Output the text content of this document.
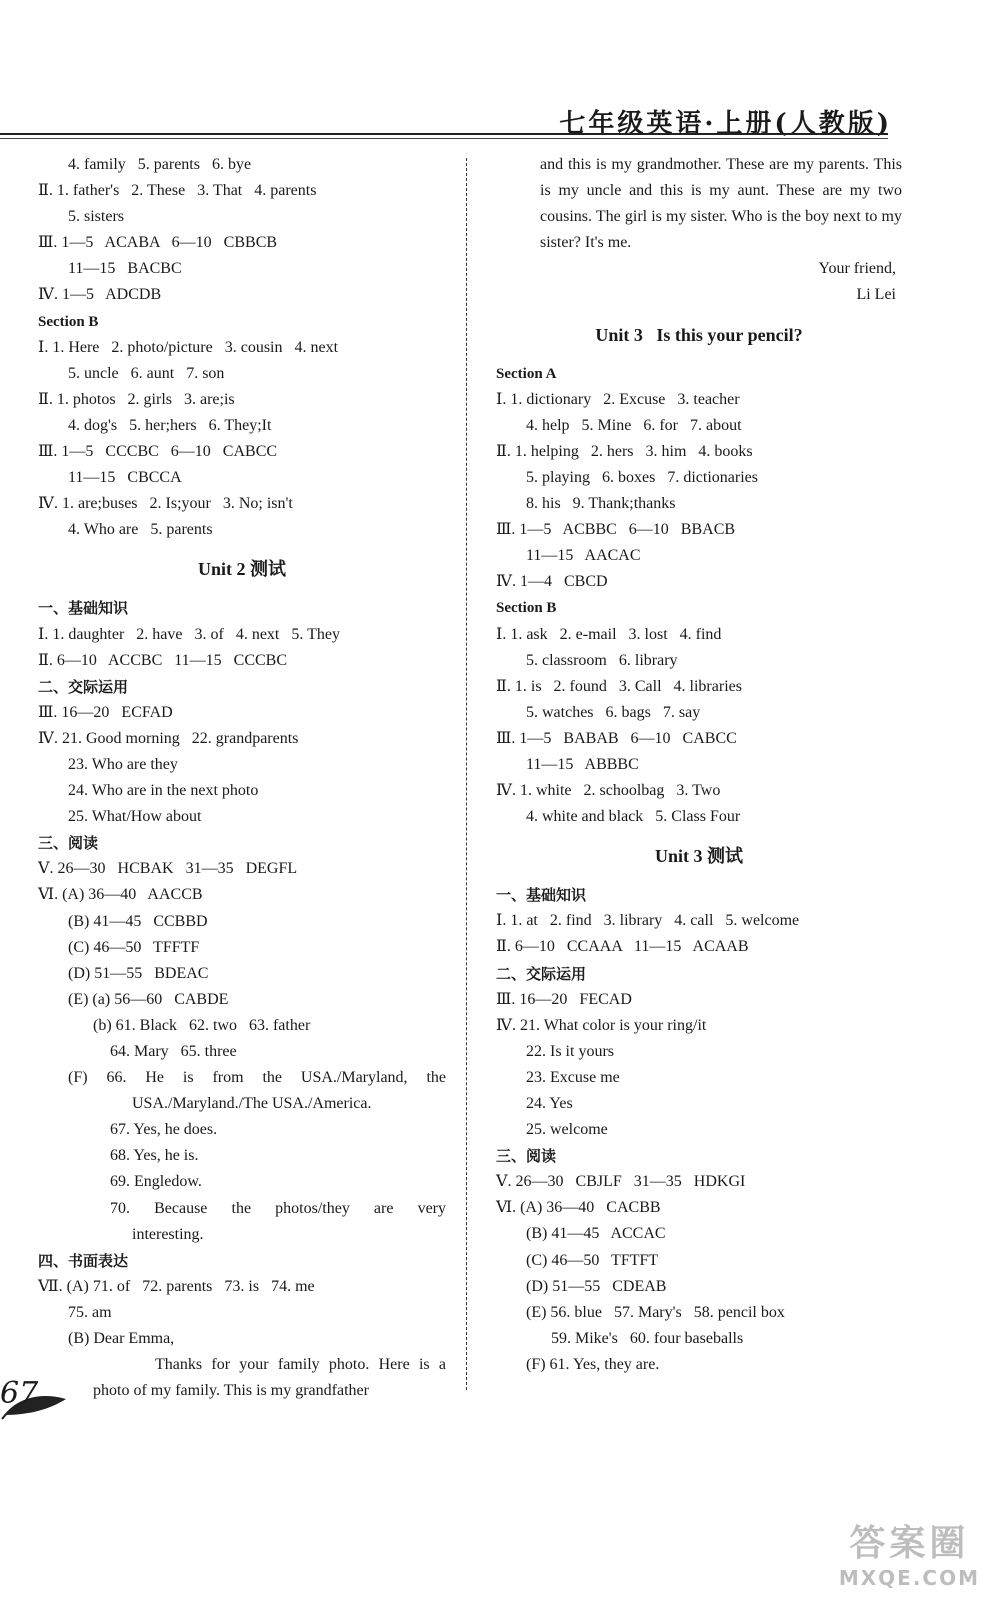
七年级英语·上册(人教版)
4. family   5. parents   6. bye
Ⅱ. 1. father's   2. These   3. That   4. parents
5. sisters
Ⅲ. 1—5   ACABA   6—10   CBBCB
11—15   BACBC
Ⅳ. 1—5   ADCDB
Section B
Ⅰ. 1. Here   2. photo/picture   3. cousin   4. next
5. uncle   6. aunt   7. son
Ⅱ. 1. photos   2. girls   3. are;is
4. dog's   5. her;hers   6. They;It
Ⅲ. 1—5   CCCBC   6—10   CABCC
11—15   CBCCA
Ⅳ. 1. are;buses   2. Is;your   3. No; isn't
4. Who are   5. parents
Unit 2 测试
一、基础知识
Ⅰ. 1. daughter   2. have   3. of   4. next   5. They
Ⅱ. 6—10   ACCBC   11—15   CCCBC
二、交际运用
Ⅲ. 16—20   ECFAD
Ⅳ. 21. Good morning   22. grandparents
23. Who are they
24. Who are in the next photo
25. What/How about
三、阅读
Ⅴ. 26—30   HCBAK   31—35   DEGFL
Ⅵ. (A) 36—40   AACCB
(B) 41—45   CCBBD
(C) 46—50   TFFTF
(D) 51—55   BDEAC
(E) (a) 56—60   CABDE
(b) 61. Black   62. two   63. father
64. Mary   65. three
(F) 66. He is from the USA./Maryland, the
USA./Maryland./The USA./America.
67. Yes, he does.
68. Yes, he is.
69. Engledow.
70. Because the photos/they are very
interesting.
四、书面表达
Ⅶ. (A) 71. of   72. parents   73. is   74. me
75. am
(B) Dear Emma,
Thanks for your family photo. Here is a photo of my family. This is my grandfather
and this is my grandmother. These are my parents. This is my uncle and this is my aunt. These are my two cousins. The girl is my sister. Who is the boy next to my sister? It's me.
Your friend,
Li Lei
Unit 3   Is this your pencil?
Section A
Ⅰ. 1. dictionary   2. Excuse   3. teacher
4. help   5. Mine   6. for   7. about
Ⅱ. 1. helping   2. hers   3. him   4. books
5. playing   6. boxes   7. dictionaries
8. his   9. Thank;thanks
Ⅲ. 1—5   ACBBC   6—10   BBACB
11—15   AACAC
Ⅳ. 1—4   CBCD
Section B
Ⅰ. 1. ask   2. e-mail   3. lost   4. find
5. classroom   6. library
Ⅱ. 1. is   2. found   3. Call   4. libraries
5. watches   6. bags   7. say
Ⅲ. 1—5   BABAB   6—10   CABCC
11—15   ABBBC
Ⅳ. 1. white   2. schoolbag   3. Two
4. white and black   5. Class Four
Unit 3 测试
一、基础知识
Ⅰ. 1. at   2. find   3. library   4. call   5. welcome
Ⅱ. 6—10   CCAAA   11—15   ACAAB
二、交际运用
Ⅲ. 16—20   FECAD
Ⅳ. 21. What color is your ring/it
22. Is it yours
23. Excuse me
24. Yes
25. welcome
三、阅读
Ⅴ. 26—30   CBJLF   31—35   HDKGI
Ⅵ. (A) 36—40   CACBB
(B) 41—45   ACCAC
(C) 46—50   TFTFT
(D) 51—55   CDEAB
(E) 56. blue   57. Mary's   58. pencil box
59. Mike's   60. four baseballs
(F) 61. Yes, they are.
67
答案圈
MXQE.COM
